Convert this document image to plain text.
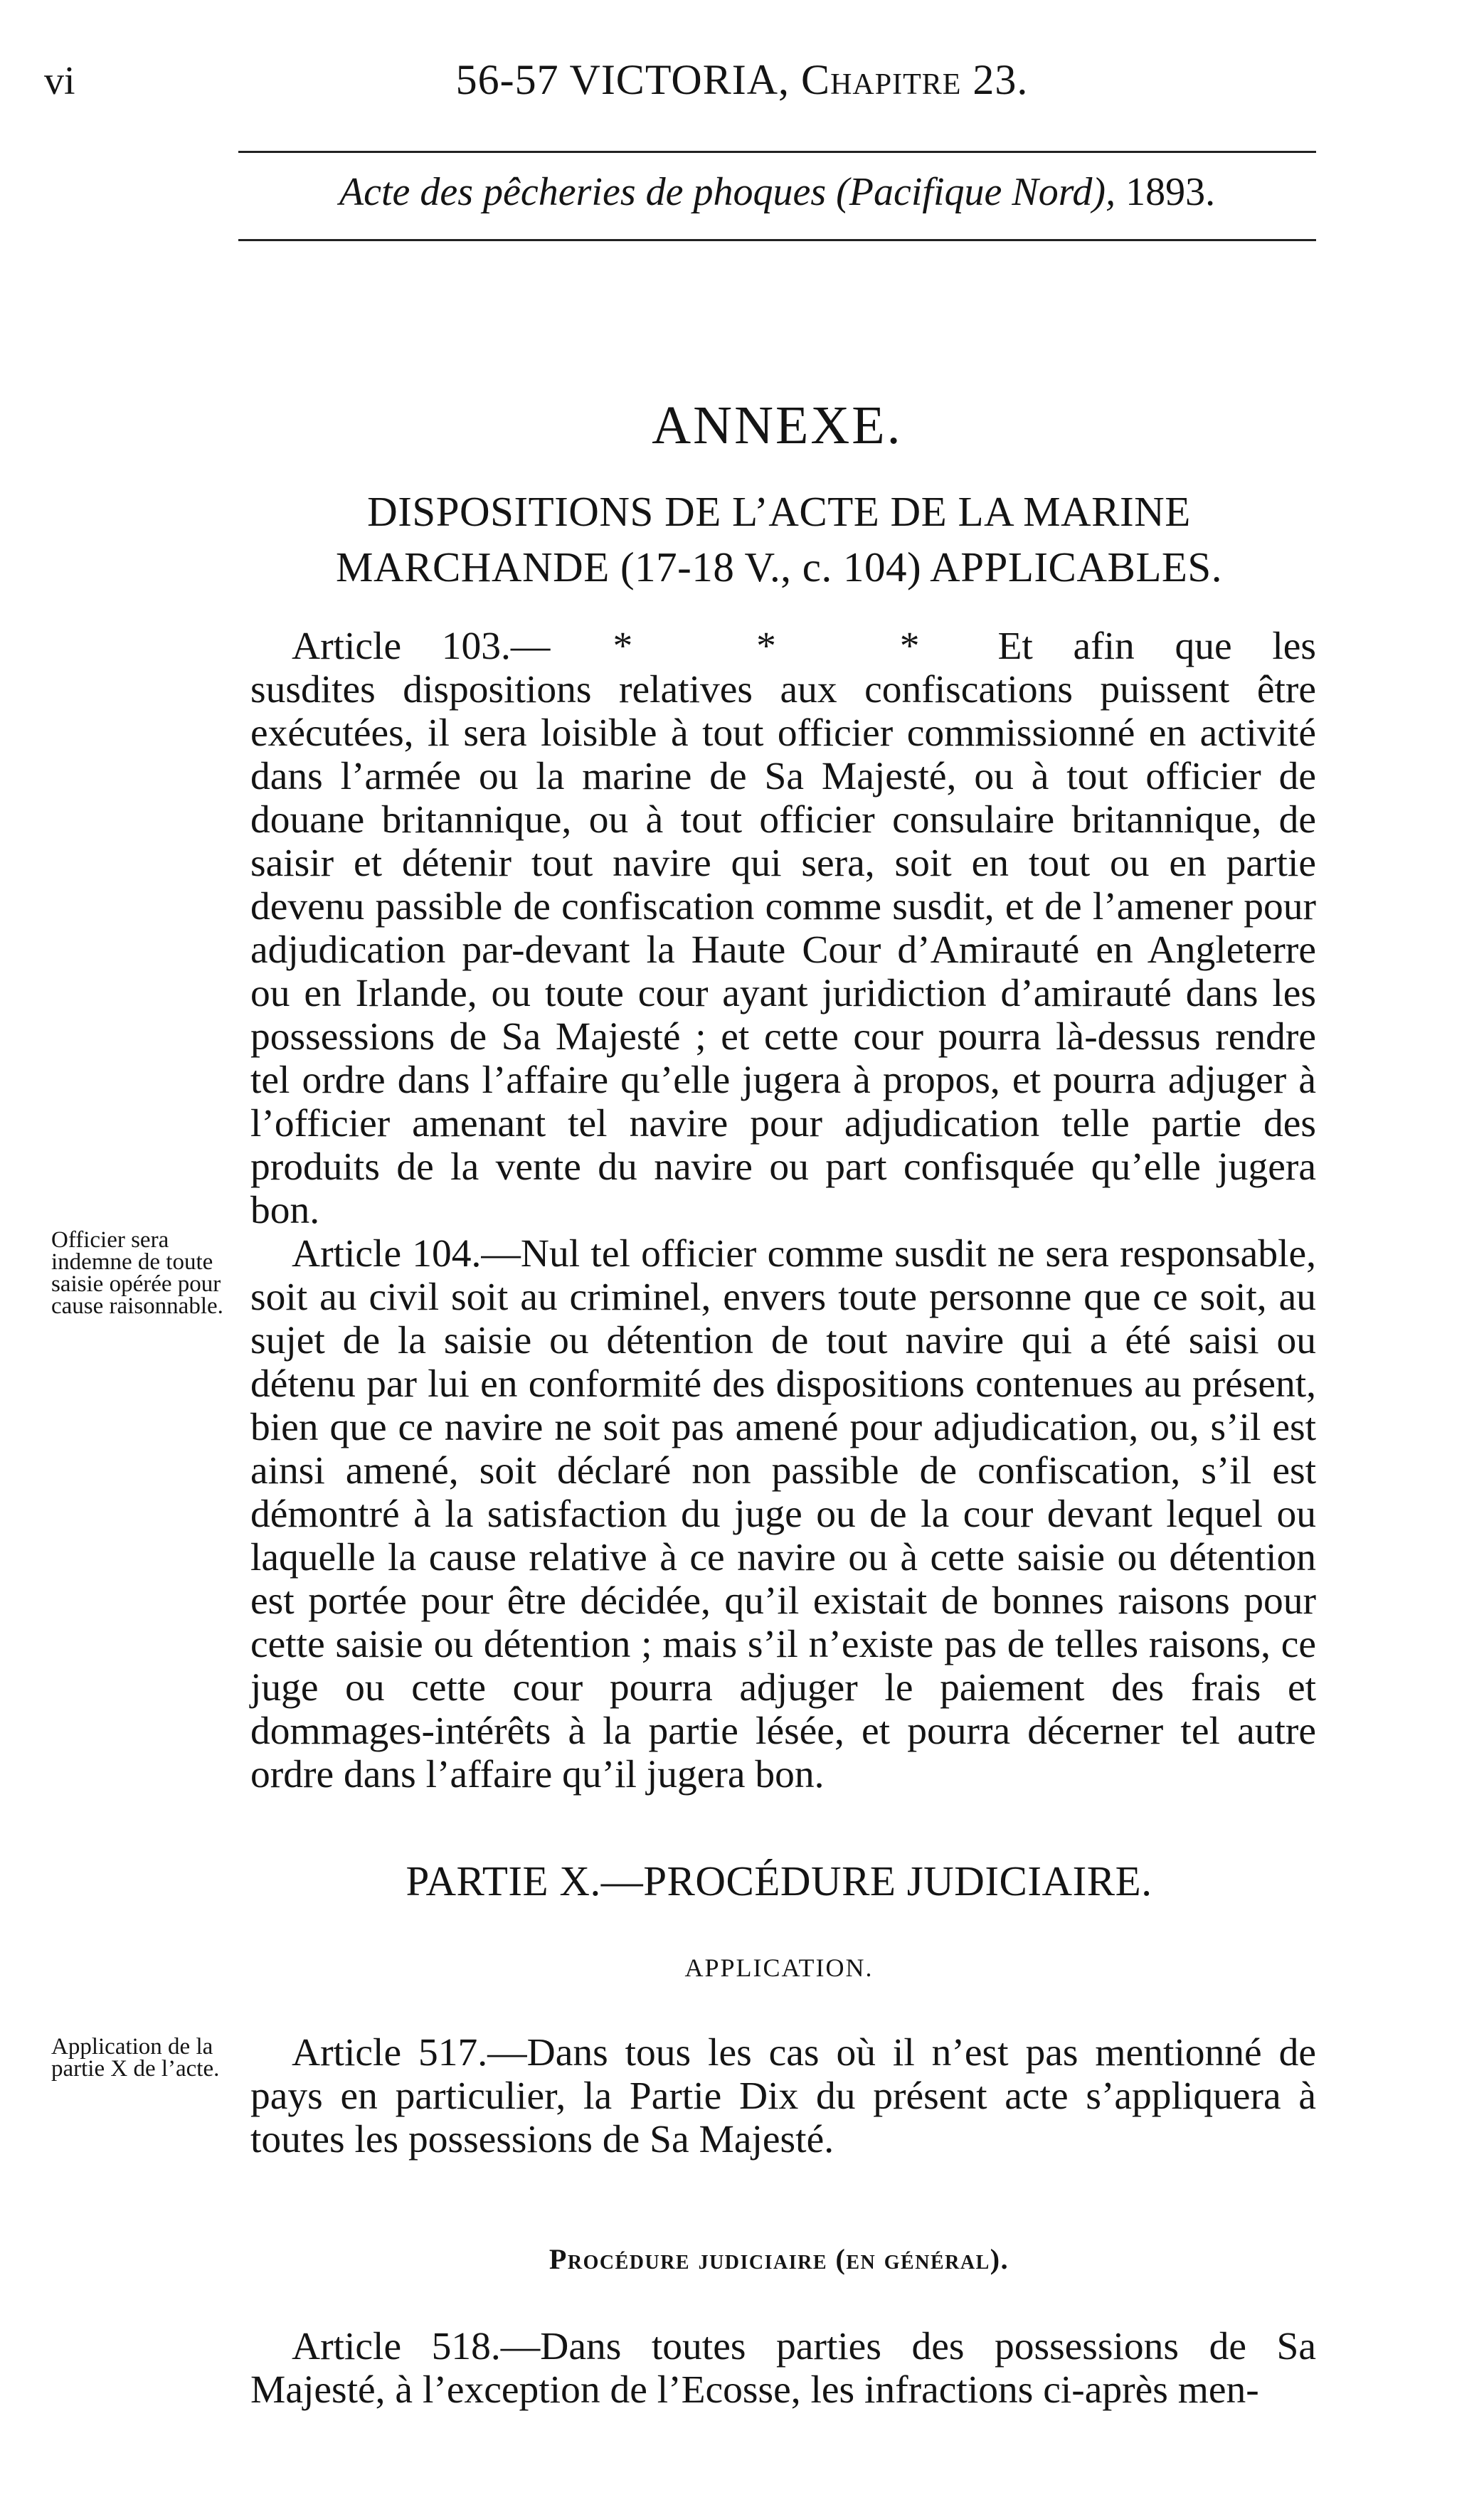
vi	56-57 VICTORIA, Chapitre 23.
Acte des pêcheries de phoques (Pacifique Nord), 1893.
ANNEXE.
DISPOSITIONS DE L’ACTE DE LA MARINE MARCHANDE (17-18 V., c. 104) APPLICABLES.

Article 103.— * * * Et afin que les susdites dispositions relatives aux confiscations puissent être exécutées, il sera loisible à tout officier commissionné en activité dans l’armée ou la marine de Sa Majesté, ou à tout officier de douane britannique, ou à tout officier consulaire britannique, de saisir et détenir tout navire qui sera, soit en tout ou en partie devenu passible de confiscation comme susdit, et de l’amener pour adjudication par-devant la Haute Cour d’Amirauté en Angleterre ou en Irlande, ou toute cour ayant juridiction d’amirauté dans les possessions de Sa Majesté ; et cette cour pourra là-dessus rendre tel ordre dans l’affaire qu’elle jugera à propos, et pourra adjuger à l’officier amenant tel navire pour adjudication telle partie des produits de la vente du navire ou part confisquée qu’elle jugera bon.

Officier sera indemne de toute saisie opérée pour cause raisonnable.

Article 104.—Nul tel officier comme susdit ne sera responsable, soit au civil soit au criminel, envers toute personne que ce soit, au sujet de la saisie ou détention de tout navire qui a été saisi ou détenu par lui en conformité des dispositions contenues au présent, bien que ce navire ne soit pas amené pour adjudication, ou, s’il est ainsi amené, soit déclaré non passible de confiscation, s’il est démontré à la satisfaction du juge ou de la cour devant lequel ou laquelle la cause relative à ce navire ou à cette saisie ou détention est portée pour être décidée, qu’il existait de bonnes raisons pour cette saisie ou détention ; mais s’il n’existe pas de telles raisons, ce juge ou cette cour pourra adjuger le paiement des frais et dommages-intérêts à la partie lésée, et pourra décerner tel autre ordre dans l’affaire qu’il jugera bon.

PARTIE X.—PROCÉDURE JUDICIAIRE.
APPLICATION.
Application de la partie X de l’acte.	Article 517.—Dans tous les cas où il n’est pas mentionné de pays en particulier, la Partie Dix du présent acte s’appliquera à toutes les possessions de Sa Majesté.

Procédure judiciaire (en général).

Article 518.—Dans toutes parties des possessions de Sa Majesté, à l’exception de l’Ecosse, les infractions ci-après men-
